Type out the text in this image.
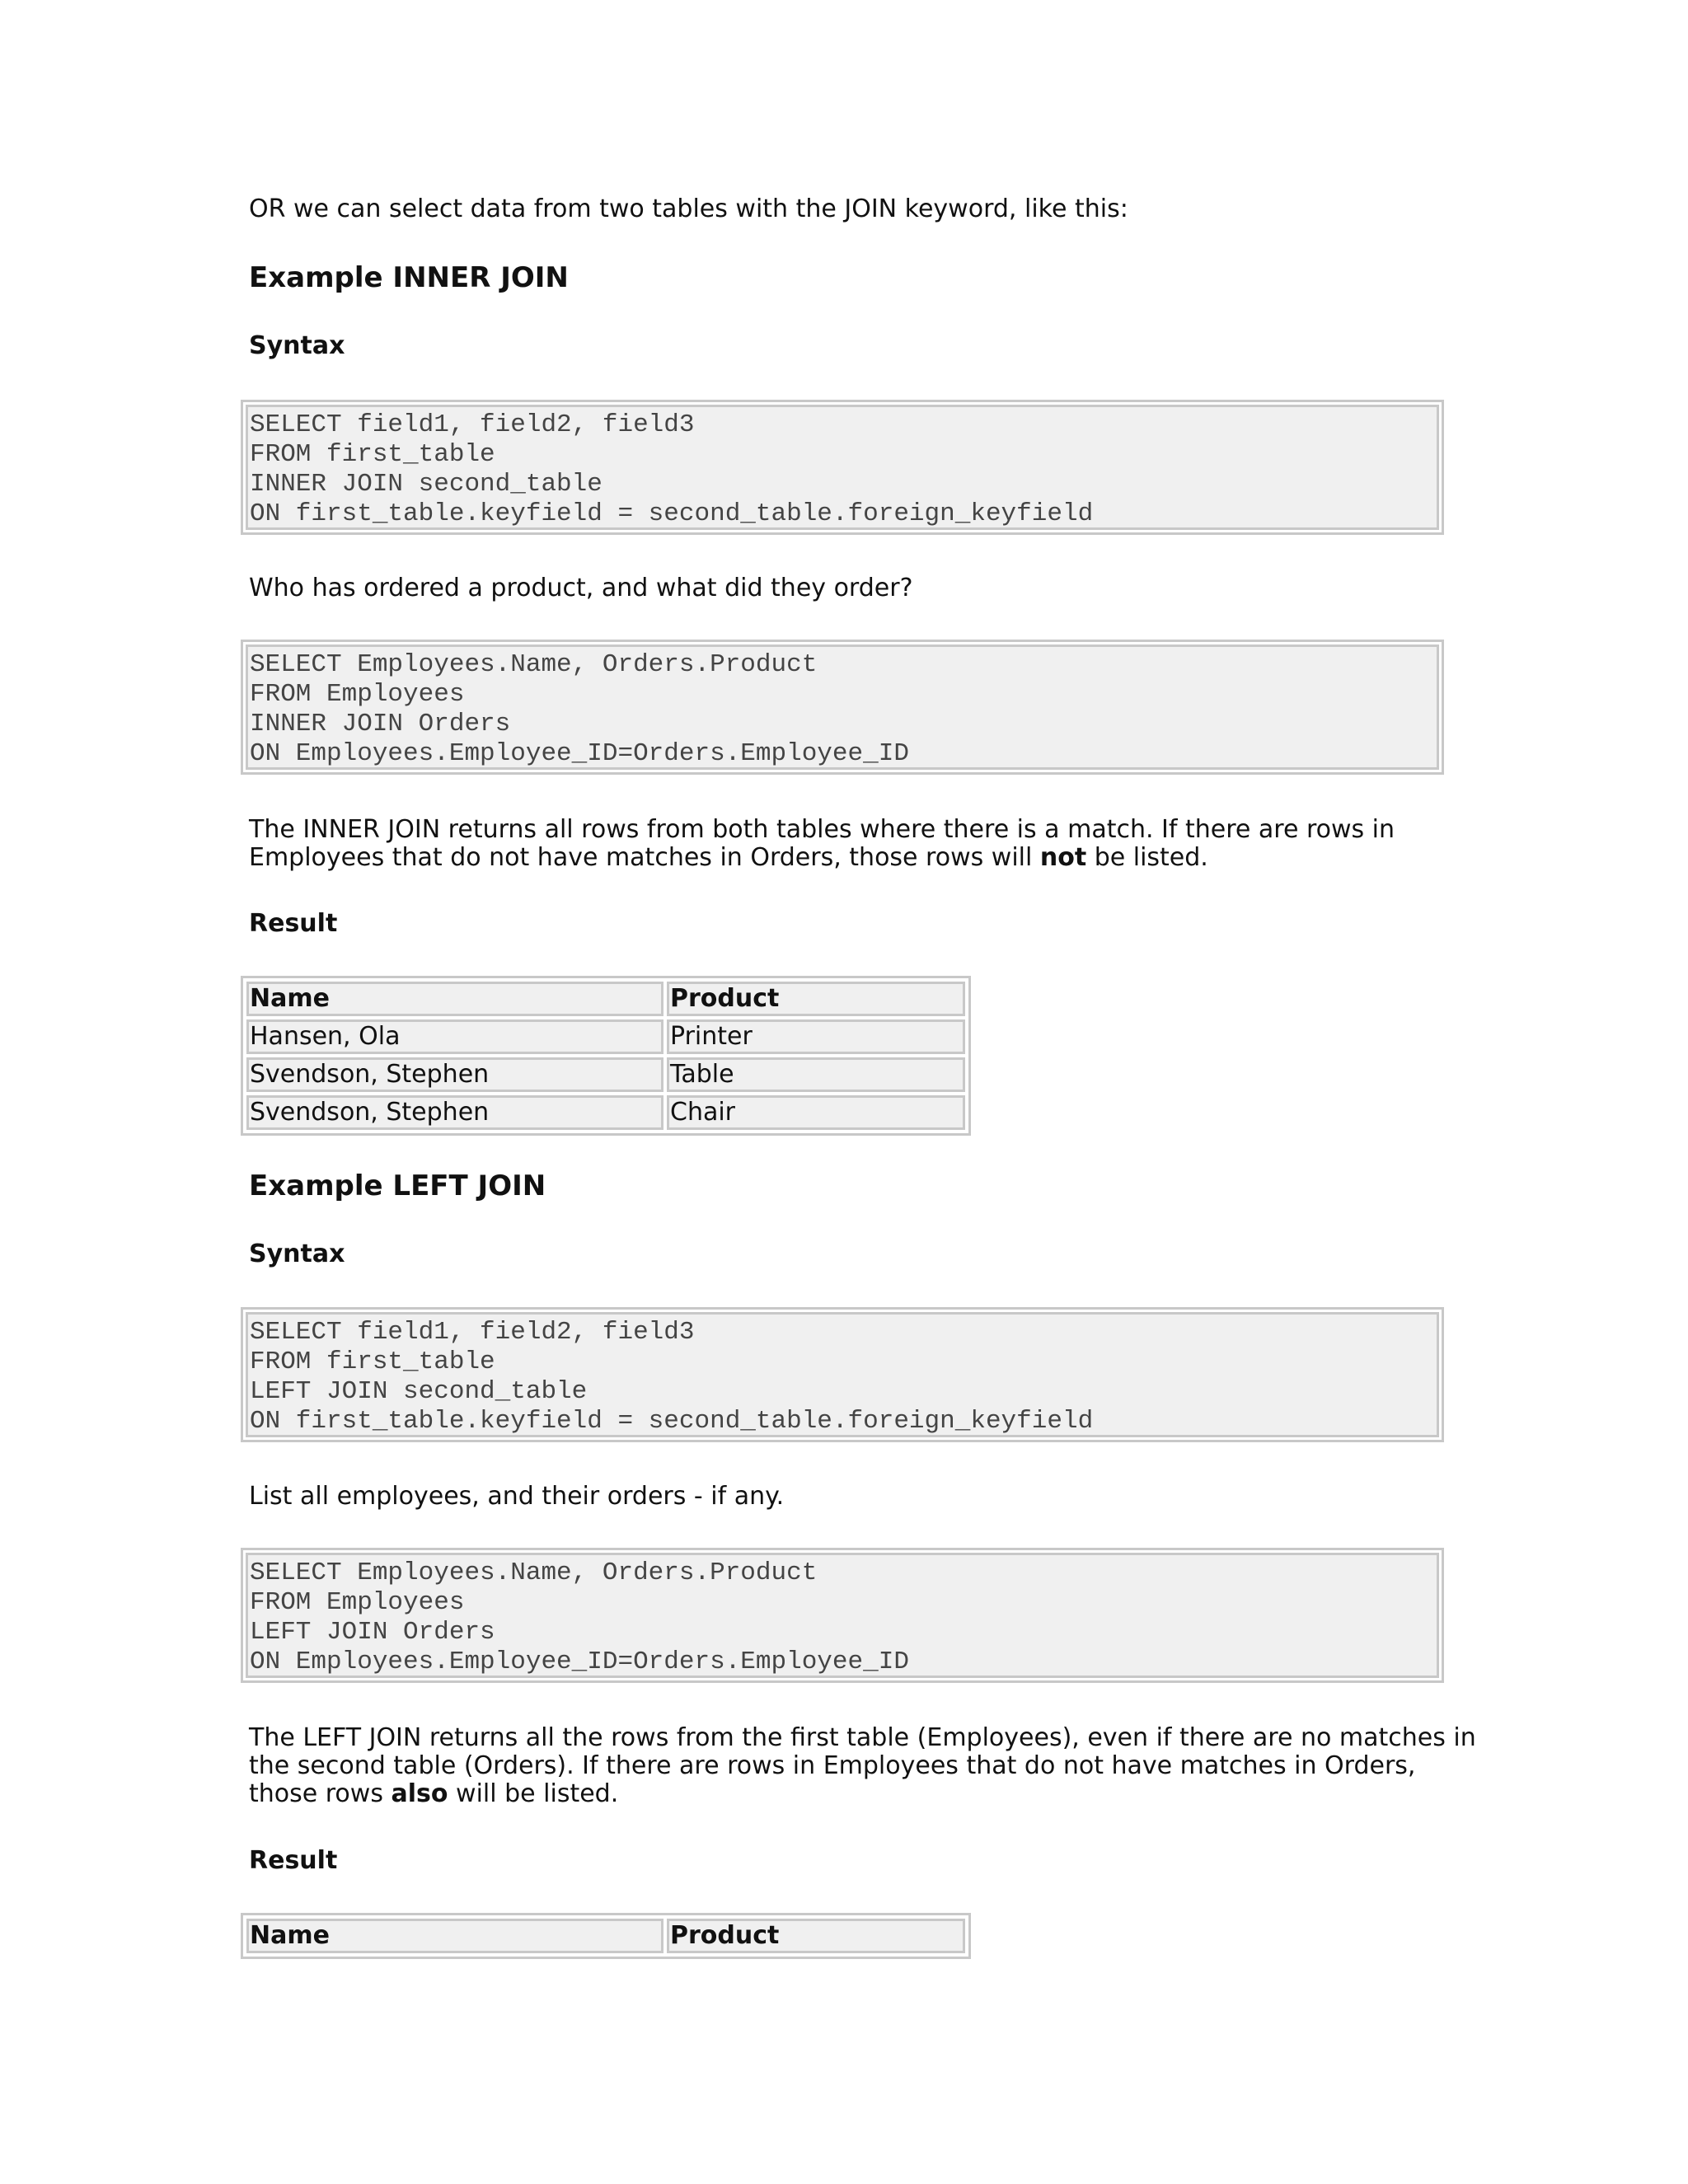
OR we can select data from two tables with the JOIN keyword, like this:

Example INNER JOIN
Syntax
SELECT field1, field2, field3
FROM first_table
INNER JOIN second_table
ON first_table.keyfield = second_table.foreign_keyfield

Who has ordered a product, and what did they order?

SELECT Employees.Name, Orders.Product
FROM Employees
INNER JOIN Orders
ON Employees.Employee_ID=Orders.Employee_ID

The INNER JOIN returns all rows from both tables where there is a match. If there are rows in

Employees that do not have matches in Orders, those rows will not be listed.

Result
Name	Product
Hansen, Ola	Printer
Svendson, Stephen	Table
Svendson, Stephen	Chair
Example LEFT JOIN
Syntax
SELECT field1, field2, field3
FROM first_table
LEFT JOIN second_table
ON first_table.keyfield = second_table.foreign_keyfield

List all employees, and their orders - if any.

SELECT Employees.Name, Orders.Product
FROM Employees
LEFT JOIN Orders
ON Employees.Employee_ID=Orders.Employee_ID

The LEFT JOIN returns all the rows from the first table (Employees), even if there are no matches in

the second table (Orders). If there are rows in Employees that do not have matches in Orders,

those rows also will be listed.

Result
Name	Product
